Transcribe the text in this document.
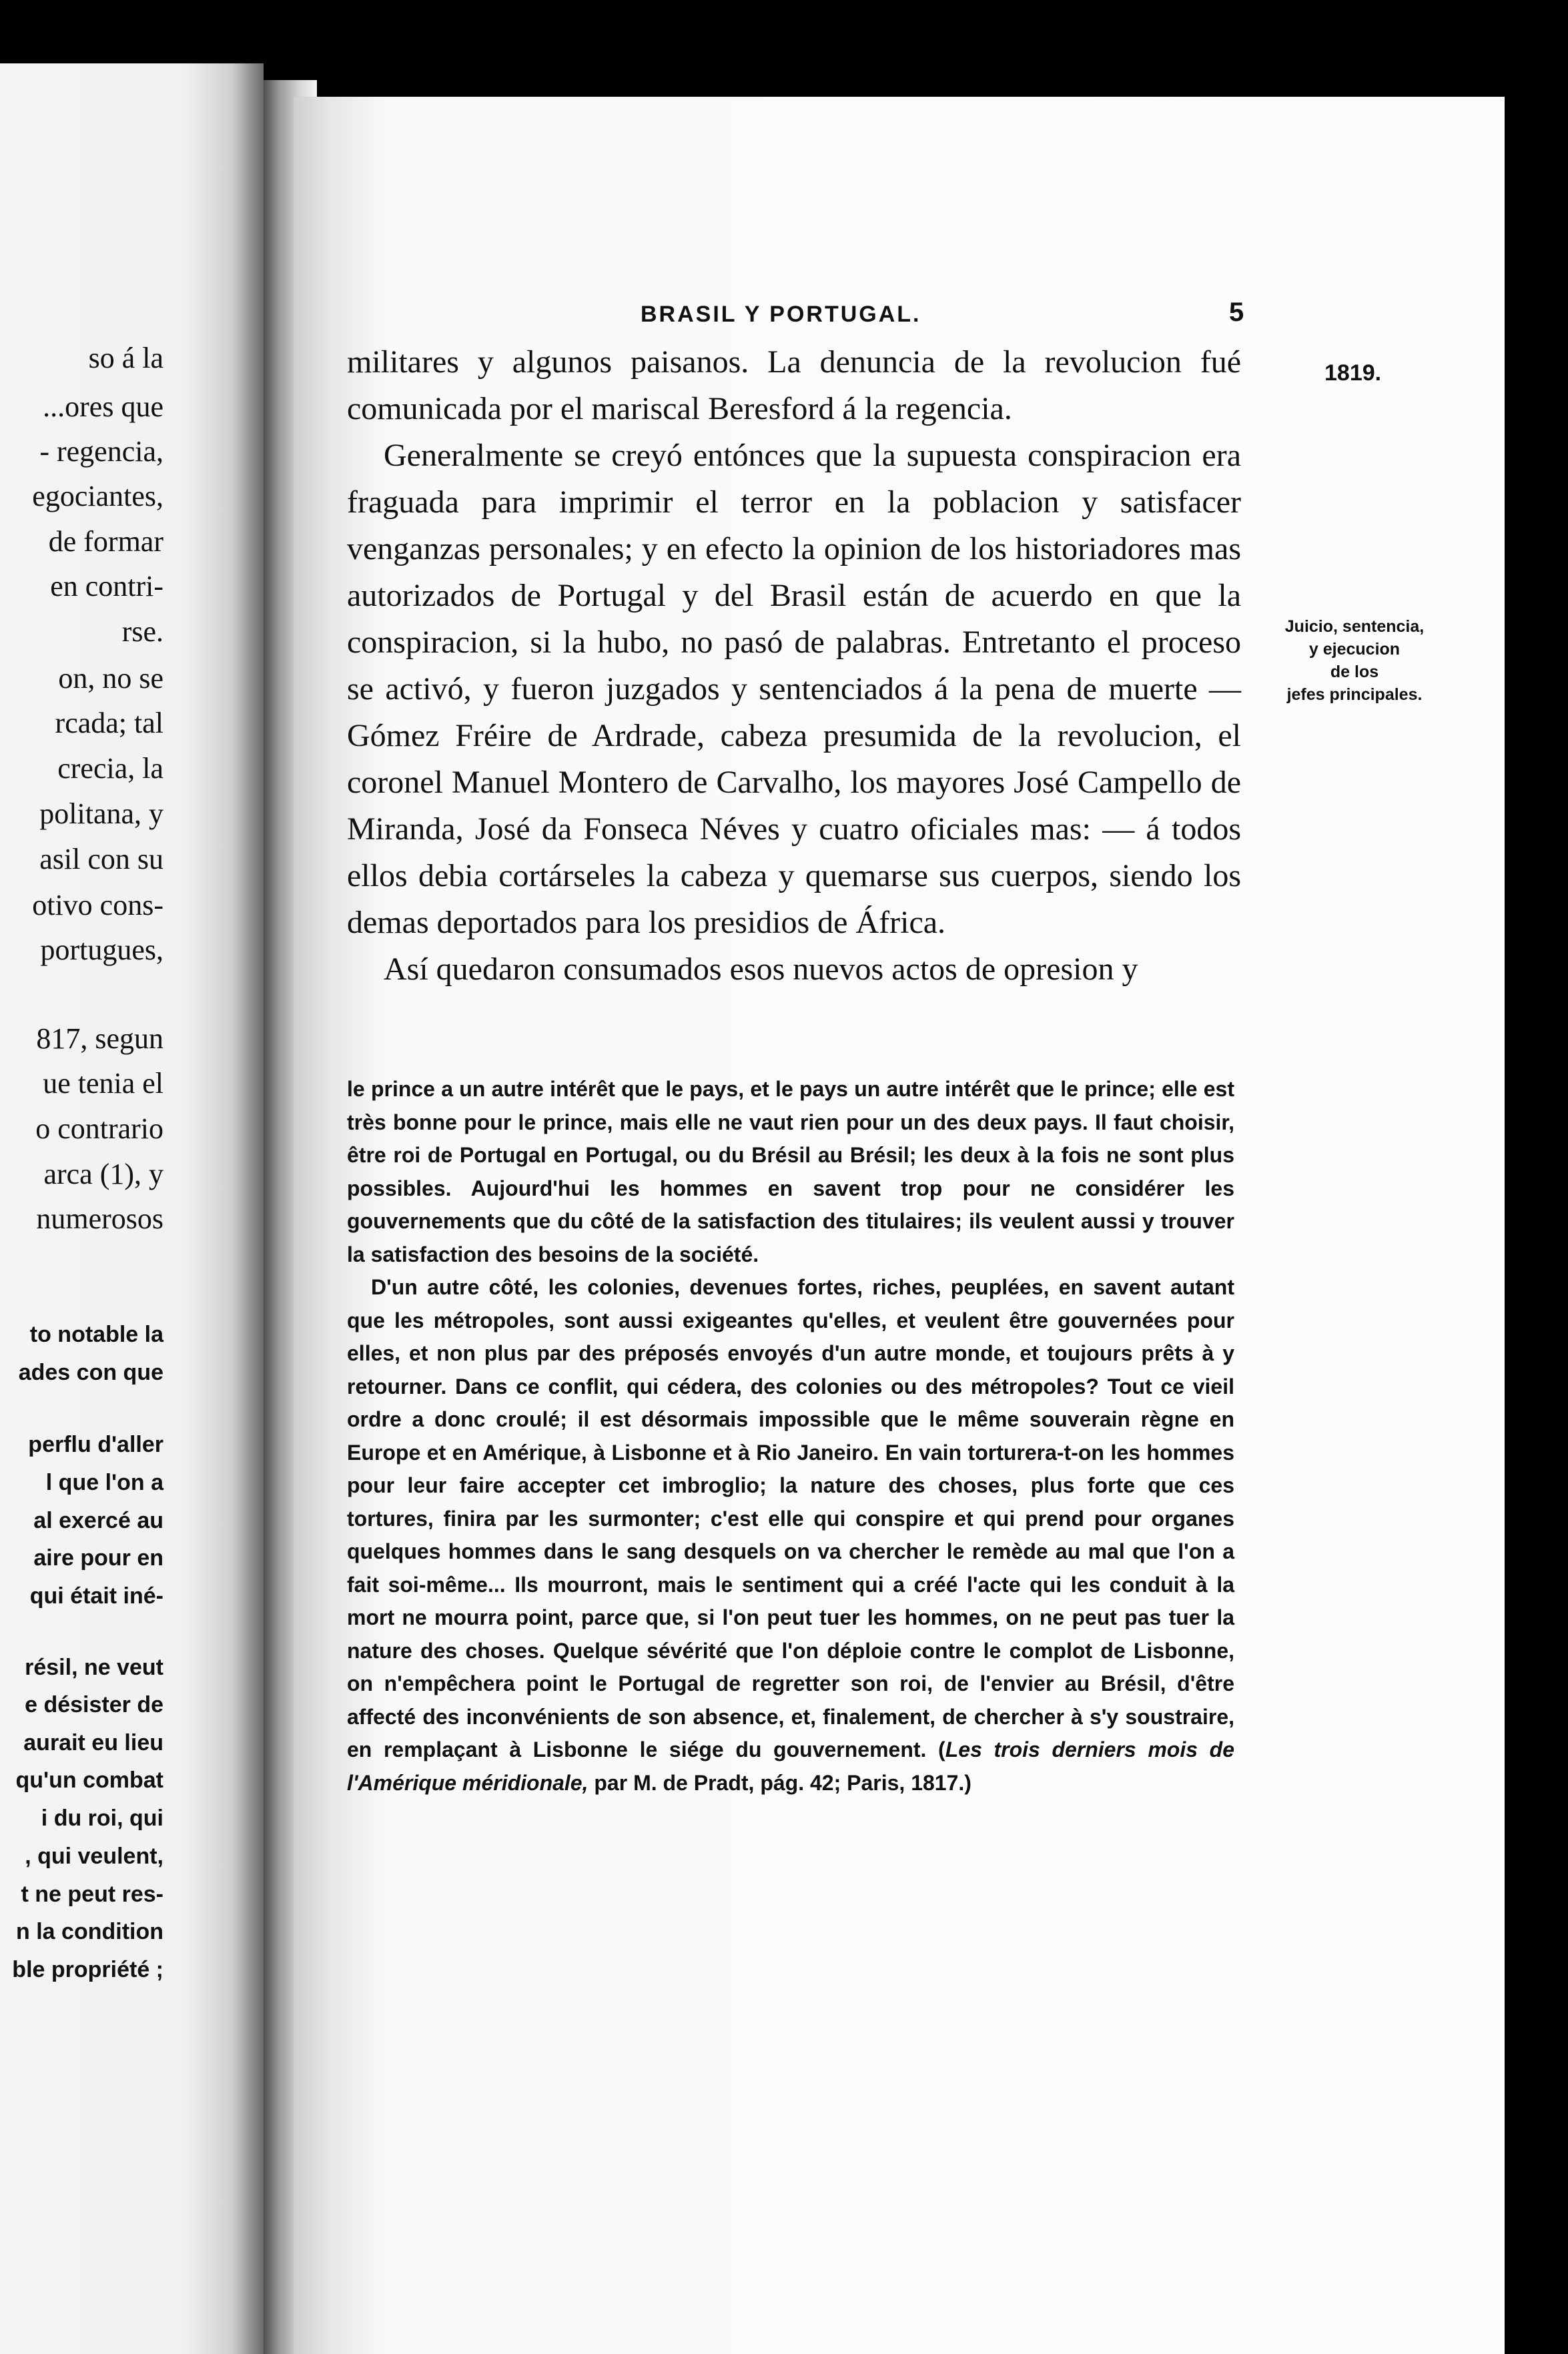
so á la
...ores que
- regencia,
egociantes,
de formar
en contri-
rse.
on, no se
rcada; tal
crecia, la
politana, y
asil con su
otivo cons-
portugues,
817, segun
ue tenia el
o contrario
arca (1), y
numerosos
to notable la
ades con que
perflu d'aller
l que l'on a
al exercé au
aire pour en
qui était iné-
résil, ne veut
e désister de
aurait eu lieu
qu'un combat
i du roi, qui
, qui veulent,
t ne peut res-
n la condition
ble propriété ;
BRASIL Y PORTUGAL.	5
1819.
Juicio, sentencia,
y ejecucion
de los
jefes principales.

militares y algunos paisanos. La denuncia de la revolucion fué comunicada por el mariscal Beresford á la regencia.

Generalmente se creyó entónces que la supuesta conspiracion era fraguada para imprimir el terror en la poblacion y satisfacer venganzas personales; y en efecto la opinion de los historiadores mas autorizados de Portugal y del Brasil están de acuerdo en que la conspiracion, si la hubo, no pasó de palabras. Entretanto el proceso se activó, y fueron juzgados y sentenciados á la pena de muerte — Gómez Fréire de Ardrade, cabeza presumida de la revolucion, el coronel Manuel Montero de Carvalho, los mayores José Campello de Miranda, José da Fonseca Néves y cuatro oficiales mas: — á todos ellos debia cortárseles la cabeza y quemarse sus cuerpos, siendo los demas deportados para los presidios de África.

Así quedaron consumados esos nuevos actos de opresion y

le prince a un autre intérêt que le pays, et le pays un autre intérêt que le prince; elle est très bonne pour le prince, mais elle ne vaut rien pour un des deux pays. Il faut choisir, être roi de Portugal en Portugal, ou du Brésil au Brésil; les deux à la fois ne sont plus possibles. Aujourd'hui les hommes en savent trop pour ne considérer les gouvernements que du côté de la satisfaction des titulaires; ils veulent aussi y trouver la satisfaction des besoins de la société.

D'un autre côté, les colonies, devenues fortes, riches, peuplées, en savent autant que les métropoles, sont aussi exigeantes qu'elles, et veulent être gouvernées pour elles, et non plus par des préposés envoyés d'un autre monde, et toujours prêts à y retourner. Dans ce conflit, qui cédera, des colonies ou des métropoles? Tout ce vieil ordre a donc croulé; il est désormais impossible que le même souverain règne en Europe et en Amérique, à Lisbonne et à Rio Janeiro. En vain torturera-t-on les hommes pour leur faire accepter cet imbroglio; la nature des choses, plus forte que ces tortures, finira par les surmonter; c'est elle qui conspire et qui prend pour organes quelques hommes dans le sang desquels on va chercher le remède au mal que l'on a fait soi-même... Ils mourront, mais le sentiment qui a créé l'acte qui les conduit à la mort ne mourra point, parce que, si l'on peut tuer les hommes, on ne peut pas tuer la nature des choses. Quelque sévérité que l'on déploie contre le complot de Lisbonne, on n'empêchera point le Portugal de regretter son roi, de l'envier au Brésil, d'être affecté des inconvénients de son absence, et, finalement, de chercher à s'y soustraire, en remplaçant à Lisbonne le siége du gouvernement. (Les trois derniers mois de l'Amérique méridionale, par M. de Pradt, pág. 42; Paris, 1817.)
